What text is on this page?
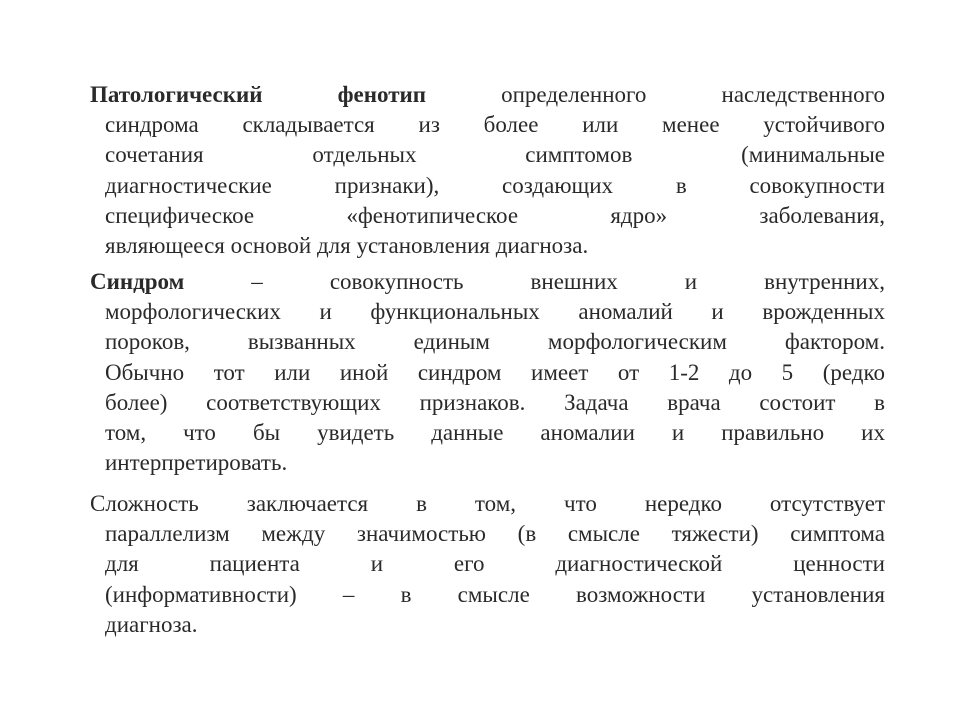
Патологический фенотип определенного наследственного
синдрома складывается из более или менее устойчивого
сочетания отдельных симптомов (минимальные
диагностические признаки), создающих в совокупности
специфическое «фенотипическое ядро» заболевания,
являющееся основой для установления диагноза.
Синдром – совокупность внешних и внутренних,
морфологических и функциональных аномалий и врожденных
пороков, вызванных единым морфологическим фактором.
Обычно тот или иной синдром имеет от 1-2 до 5 (редко
более) соответствующих признаков. Задача врача состоит в
том, что бы увидеть данные аномалии и правильно их
интерпретировать.
Сложность заключается в том, что нередко отсутствует
параллелизм между значимостью (в смысле тяжести) симптома
для пациента и его диагностической ценности
(информативности) – в смысле возможности установления
диагноза.
